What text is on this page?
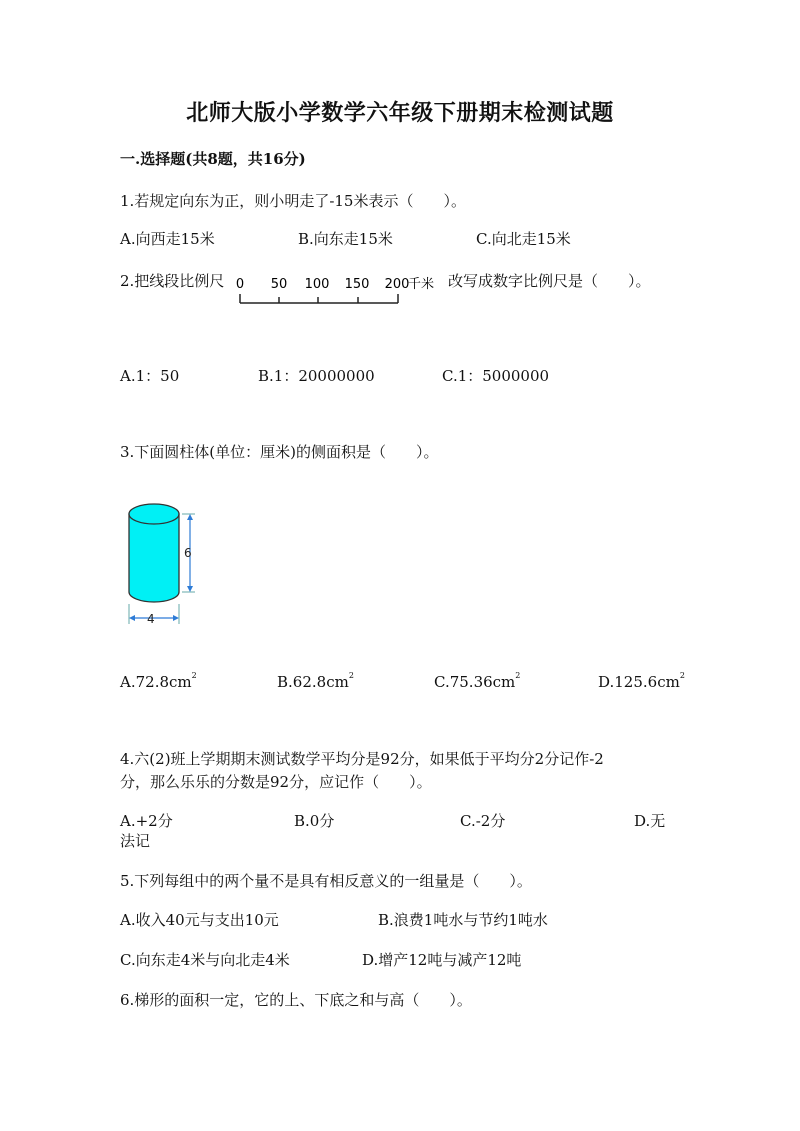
北师大版小学数学六年级下册期末检测试题
一.选择题(共8题，共16分)
1.若规定向东为正，则小明走了-15米表示（　　）。
A.向西走15米	B.向东走15米	C.向北走15米
2.把线段比例尺 0 50 100 150 200
千米 改写成数字比例尺是（　　）。
A.1：50	B.1：20000000	C.1：5000000
3.下面圆柱体(单位：厘米)的侧面积是（　　）。
6
4
$A.72.8cm^2$	$B.62.8cm^2$	$C.75.36cm^2$	$D.125.6cm^2$
4.六(2)班上学期期末测试数学平均分是92分，如果低于平均分2分记作-2
分，那么乐乐的分数是92分，应记作（　　）。
A.+2分	B.0分	C.-2分	D.无
法记
5.下列每组中的两个量不是具有相反意义的一组量是（　　）。
A.收入40元与支出10元	B.浪费1吨水与节约1吨水
C.向东走4米与向北走4米	D.增产12吨与减产12吨
6.梯形的面积一定，它的上、下底之和与高（　　）。
